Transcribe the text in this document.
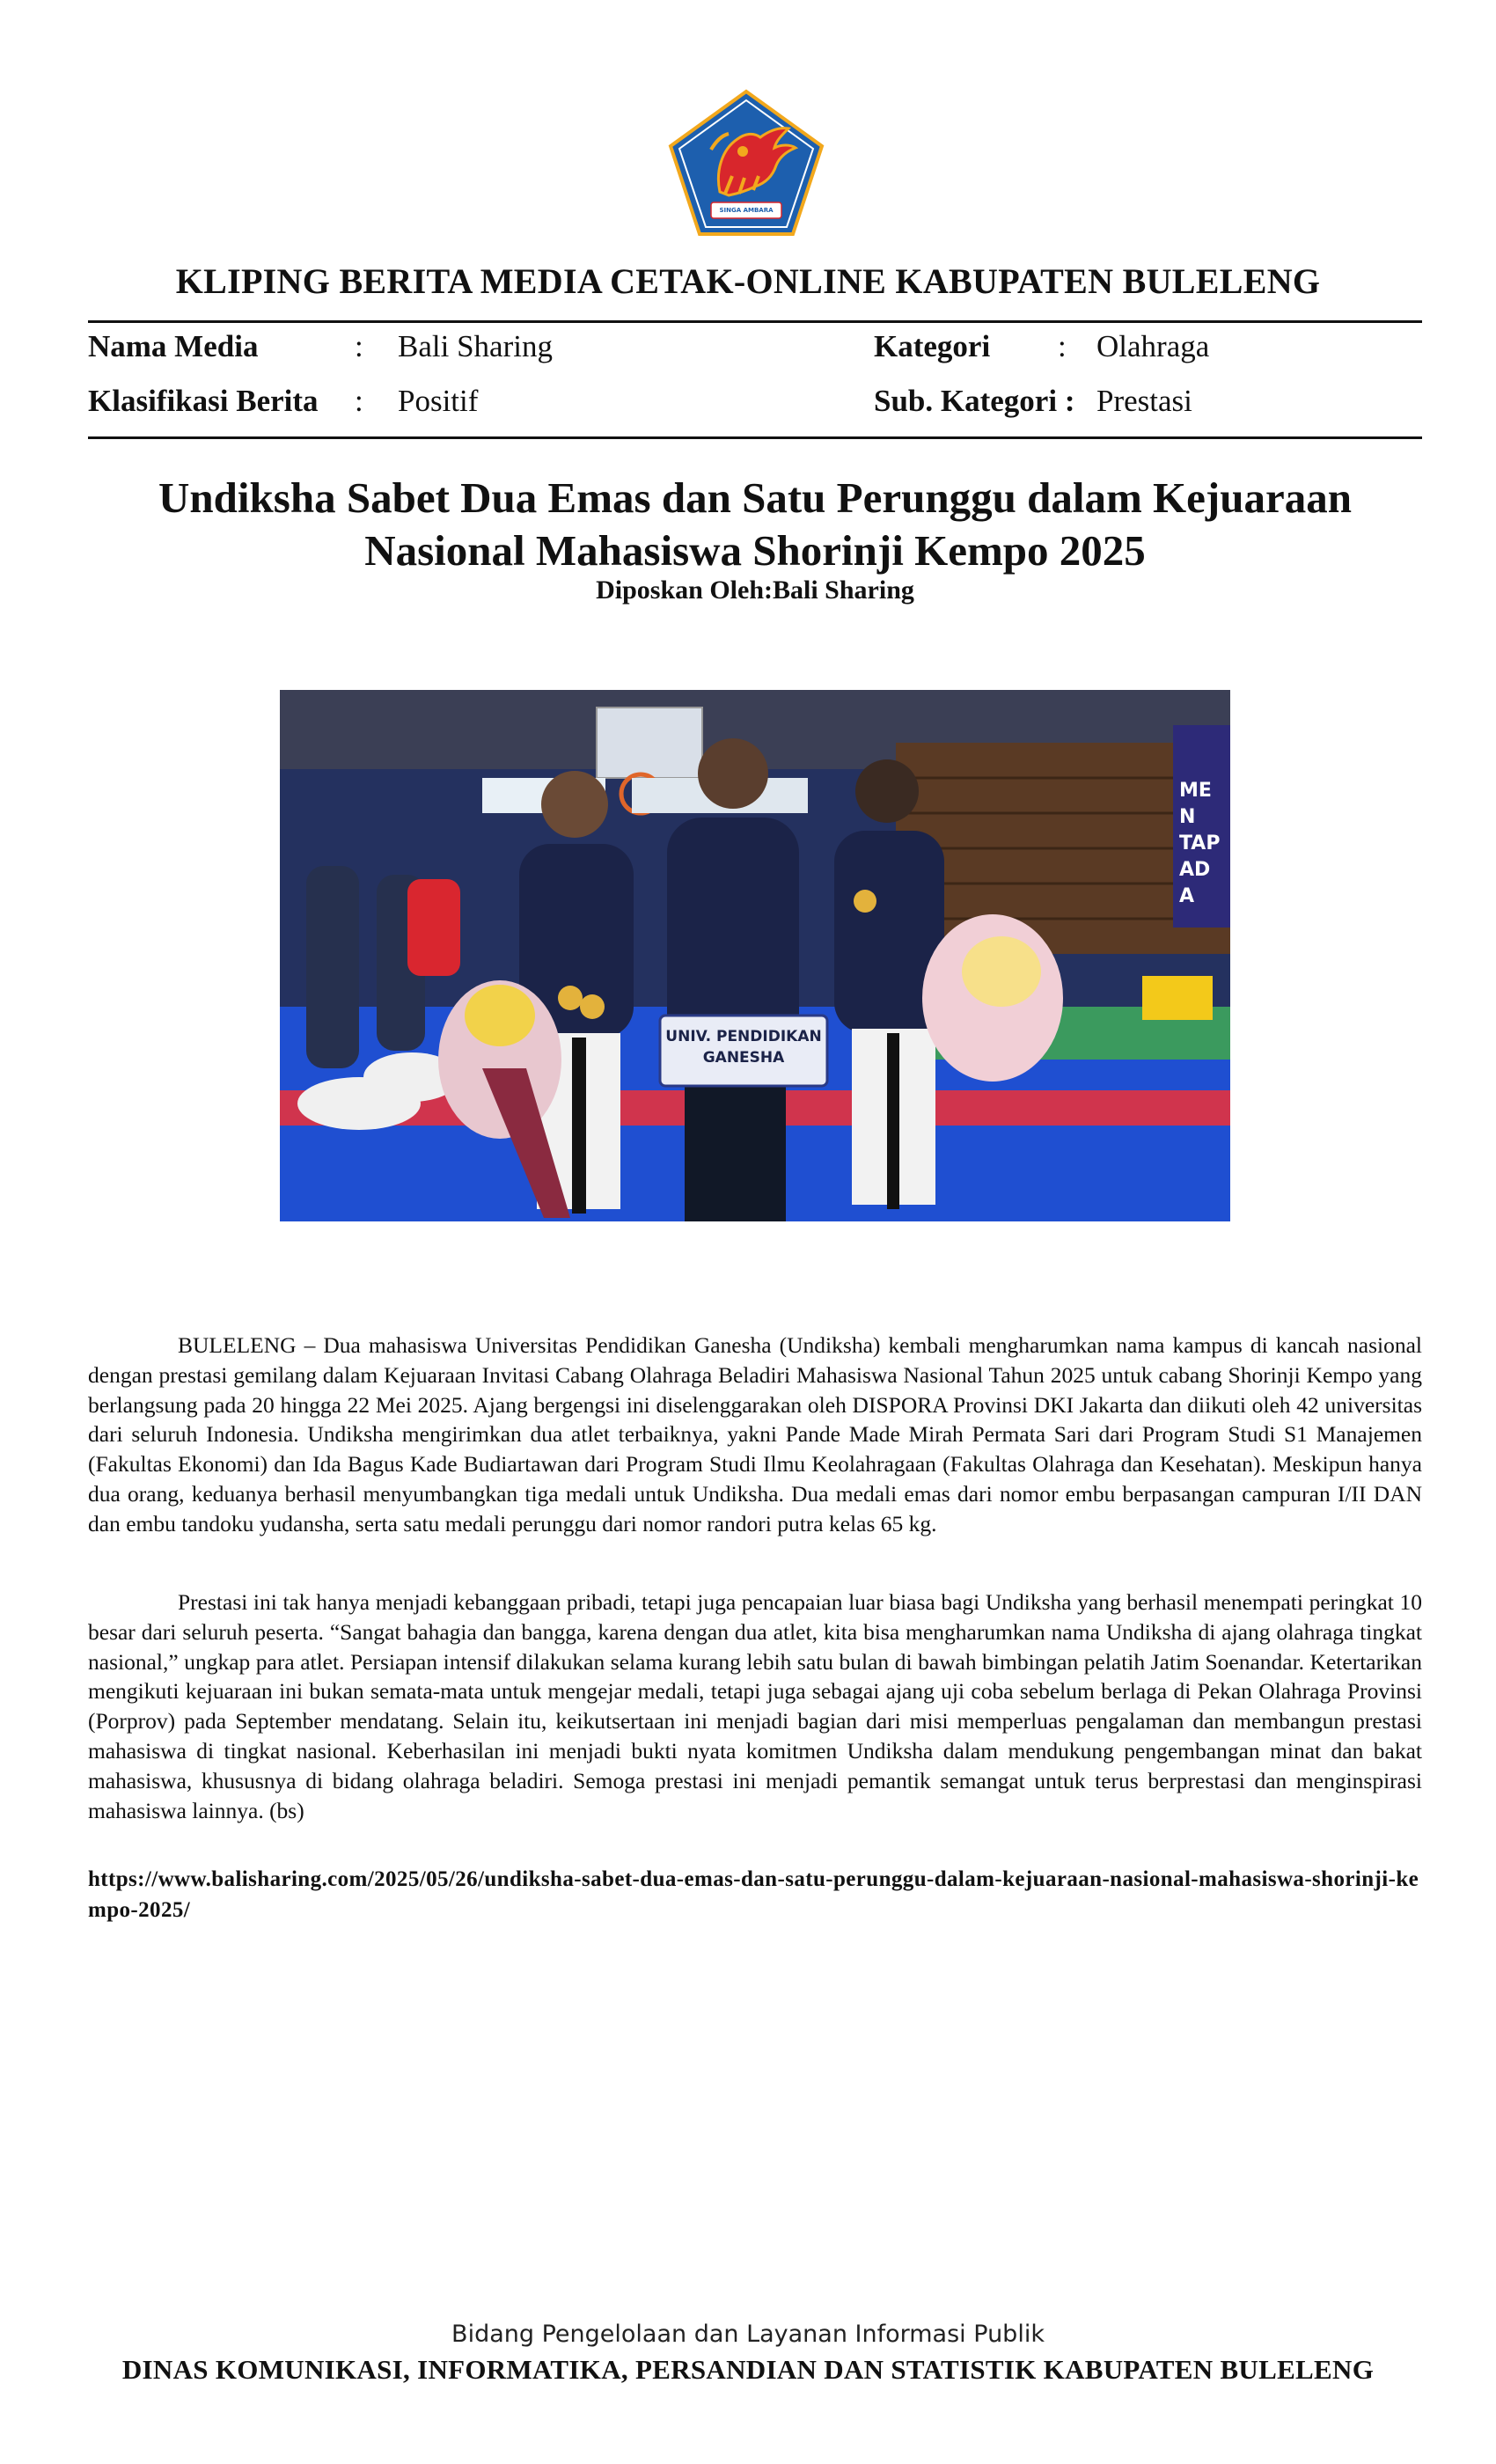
SINGA AMBARA RAJA
KLIPING BERITA MEDIA CETAK-ONLINE KABUPATEN BULELENG
Nama Media	: Bali Sharing	Kategori : Olahraga
Klasifikasi Berita : Positif	Sub. Kategori : Prestasi
Undiksha Sabet Dua Emas dan Satu Perunggu dalam Kejuaraan
Nasional Mahasiswa Shorinji Kempo 2025
Diposkan Oleh:Bali Sharing
UNIV. PENDIDIKAN
GANESHA
MEN TAP ADA

BULELENG – Dua mahasiswa Universitas Pendidikan Ganesha (Undiksha) kembali mengharumkan nama kampus di kancah nasional dengan prestasi gemilang dalam Kejuaraan Invitasi Cabang Olahraga Beladiri Mahasiswa Nasional Tahun 2025 untuk cabang Shorinji Kempo yang berlangsung pada 20 hingga 22 Mei 2025. Ajang bergengsi ini diselenggarakan oleh DISPORA Provinsi DKI Jakarta dan diikuti oleh 42 universitas dari seluruh Indonesia. Undiksha mengirimkan dua atlet terbaiknya, yakni Pande Made Mirah Permata Sari dari Program Studi S1 Manajemen (Fakultas Ekonomi) dan Ida Bagus Kade Budiartawan dari Program Studi Ilmu Keolahragaan (Fakultas Olahraga dan Kesehatan). Meskipun hanya dua orang, keduanya berhasil menyumbangkan tiga medali untuk Undiksha. Dua medali emas dari nomor embu berpasangan campuran I/II DAN dan embu tandoku yudansha, serta satu medali perunggu dari nomor randori putra kelas 65 kg.

Prestasi ini tak hanya menjadi kebanggaan pribadi, tetapi juga pencapaian luar biasa bagi Undiksha yang berhasil menempati peringkat 10 besar dari seluruh peserta. “Sangat bahagia dan bangga, karena dengan dua atlet, kita bisa mengharumkan nama Undiksha di ajang olahraga tingkat nasional,” ungkap para atlet. Persiapan intensif dilakukan selama kurang lebih satu bulan di bawah bimbingan pelatih Jatim Soenandar. Ketertarikan mengikuti kejuaraan ini bukan semata-mata untuk mengejar medali, tetapi juga sebagai ajang uji coba sebelum berlaga di Pekan Olahraga Provinsi (Porprov) pada September mendatang. Selain itu, keikutsertaan ini menjadi bagian dari misi memperluas pengalaman dan membangun prestasi mahasiswa di tingkat nasional. Keberhasilan ini menjadi bukti nyata komitmen Undiksha dalam mendukung pengembangan minat dan bakat mahasiswa, khususnya di bidang olahraga beladiri. Semoga prestasi ini menjadi pemantik semangat untuk terus berprestasi dan menginspirasi mahasiswa lainnya. (bs)

https://www.balisharing.com/2025/05/26/undiksha-sabet-dua-emas-dan-satu-perunggu-dalam-kejuaraan-nasional-mahasiswa-shorinji-kempo-2025/
Bidang Pengelolaan dan Layanan Informasi Publik
DINAS KOMUNIKASI, INFORMATIKA, PERSANDIAN DAN STATISTIK KABUPATEN BULELENG
